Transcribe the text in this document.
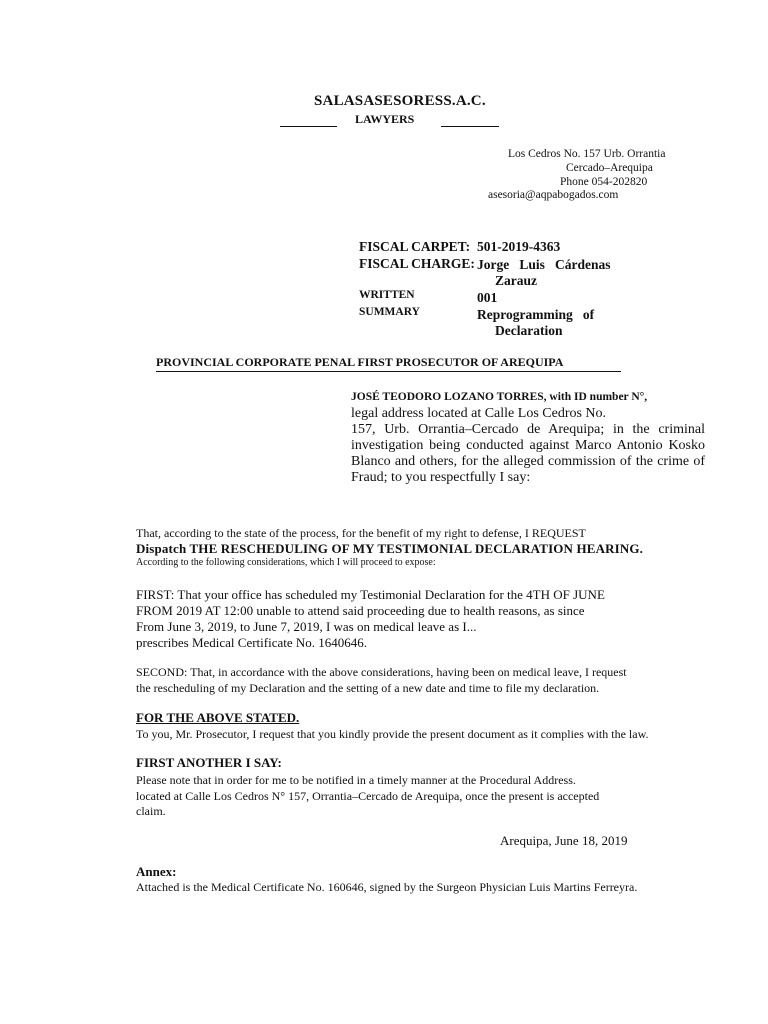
SALASASESORESS.A.C.
LAWYERS
Los Cedros No. 157 Urb. Orrantia
Cercado–Arequipa
Phone 054-202820
asesoria@aqpabogados.com
FISCAL CARPET: 501-2019-4363
FISCAL CHARGE: Jorge   Luis   Cárdenas
Zarauz
WRITTEN	001
SUMMARY	Reprogramming   of
Declaration
PROVINCIAL CORPORATE PENAL FIRST PROSECUTOR OF AREQUIPA

JOSÉ TEODORO LOZANO TORRES, with ID number N°,

legal address located at Calle Los Cedros No.

157, Urb. Orrantia–Cercado de Arequipa; in the criminal investigation being conducted against Marco Antonio Kosko Blanco and others, for the alleged commission of the crime of Fraud; to you respectfully I say:

That, according to the state of the process, for the benefit of my right to defense, I REQUEST
Dispatch THE RESCHEDULING OF MY TESTIMONIAL DECLARATION HEARING.
According to the following considerations, which I will proceed to expose:
FIRST: That your office has scheduled my Testimonial Declaration for the 4TH OF JUNE
FROM 2019 AT 12:00 unable to attend said proceeding due to health reasons, as since
From June 3, 2019, to June 7, 2019, I was on medical leave as I...
prescribes Medical Certificate No. 1640646.
SECOND: That, in accordance with the above considerations, having been on medical leave, I request
the rescheduling of my Declaration and the setting of a new date and time to file my declaration.
FOR THE ABOVE STATED.
To you, Mr. Prosecutor, I request that you kindly provide the present document as it complies with the law.
FIRST ANOTHER I SAY:
Please note that in order for me to be notified in a timely manner at the Procedural Address.
located at Calle Los Cedros N° 157, Orrantia–Cercado de Arequipa, once the present is accepted
claim.
Arequipa, June 18, 2019
Annex:
Attached is the Medical Certificate No. 160646, signed by the Surgeon Physician Luis Martins Ferreyra.
